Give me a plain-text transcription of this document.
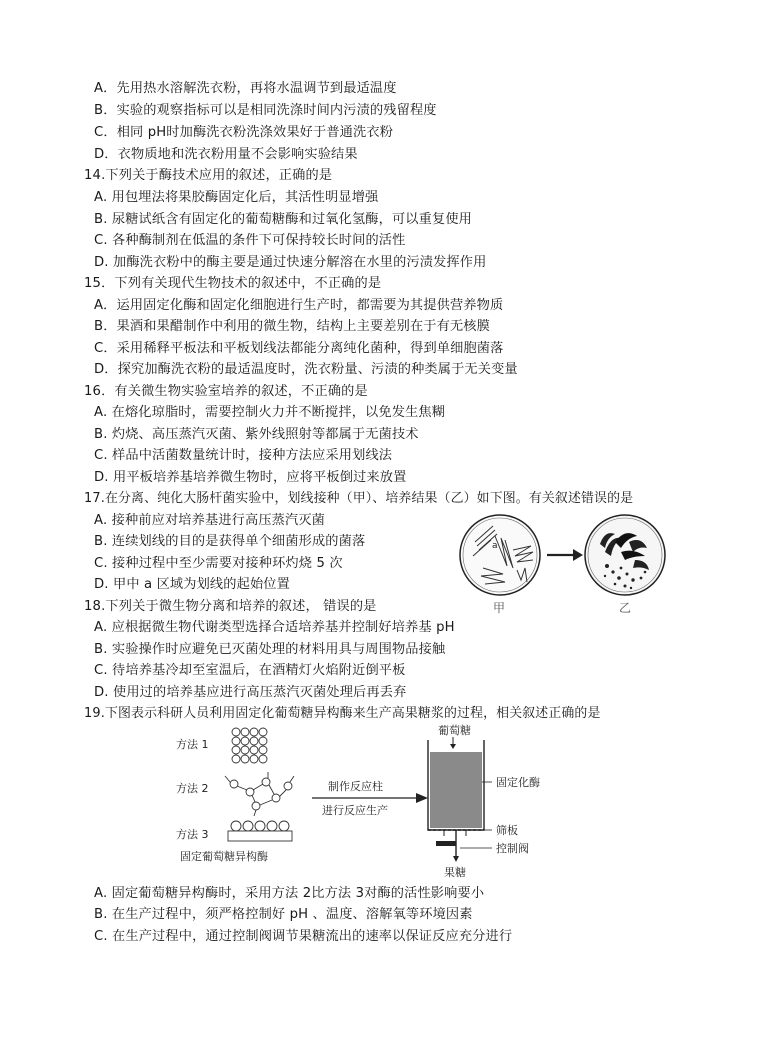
A．先用热水溶解洗衣粉，再将水温调节到最适温度
B．实验的观察指标可以是相同洗涤时间内污渍的残留程度
C．相同 pH时加酶洗衣粉洗涤效果好于普通洗衣粉
D．衣物质地和洗衣粉用量不会影响实验结果
14.下列关于酶技术应用的叙述，正确的是
A. 用包埋法将果胶酶固定化后，其活性明显增强
B. 尿糖试纸含有固定化的葡萄糖酶和过氧化氢酶，可以重复使用
C. 各种酶制剂在低温的条件下可保持较长时间的活性
D. 加酶洗衣粉中的酶主要是通过快速分解溶在水里的污渍发挥作用
15．下列有关现代生物技术的叙述中，不正确的是
A．运用固定化酶和固定化细胞进行生产时，都需要为其提供营养物质
B．果酒和果醋制作中利用的微生物，结构上主要差别在于有无核膜
C．采用稀释平板法和平板划线法都能分离纯化菌种，得到单细胞菌落
D．探究加酶洗衣粉的最适温度时，洗衣粉量、污渍的种类属于无关变量
16．有关微生物实验室培养的叙述，不正确的是
A. 在熔化琼脂时，需要控制火力并不断搅拌，以免发生焦糊
B. 灼烧、高压蒸汽灭菌、紫外线照射等都属于无菌技术
C. 样品中活菌数量统计时，接种方法应采用划线法
D. 用平板培养基培养微生物时，应将平板倒过来放置
17.在分离、纯化大肠杆菌实验中，划线接种（甲）、培养结果（乙）如下图。有关叙述错误的是
A. 接种前应对培养基进行高压蒸汽灭菌
B. 连续划线的目的是获得单个细菌形成的菌落
C. 接种过程中至少需要对接种环灼烧 5 次
D. 甲中 a 区域为划线的起始位置
a
甲	乙
18.下列关于微生物分离和培养的叙述， 错误的是
A. 应根据微生物代谢类型选择合适培养基并控制好培养基 pH
B. 实验操作时应避免已灭菌处理的材料用具与周围物品接触
C. 待培养基冷却至室温后，在酒精灯火焰附近倒平板
D. 使用过的培养基应进行高压蒸汽灭菌处理后再丢弃
19.下图表示科研人员利用固定化葡萄糖异构酶来生产高果糖浆的过程，相关叙述正确的是
方法 1
方法 2
方法 3
固定葡萄糖异构酶
制作反应柱
进行反应生产
葡萄糖
固定化酶
筛板
控制阀
果糖
A. 固定葡萄糖异构酶时，采用方法 2比方法 3对酶的活性影响要小
B. 在生产过程中，须严格控制好 pH 、温度、溶解氧等环境因素
C. 在生产过程中，通过控制阀调节果糖流出的速率以保证反应充分进行
